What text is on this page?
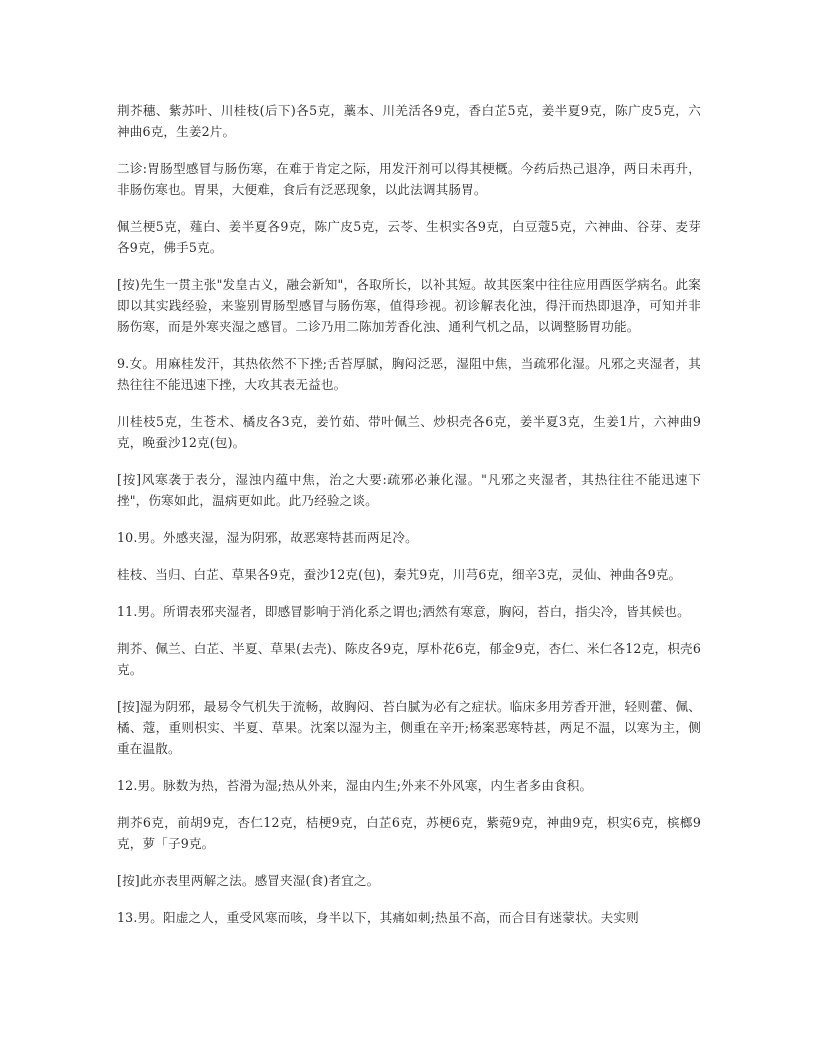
荆芥穗、紫苏叶、川桂枝(后下)各5克，藁本、川羌活各9克，香白芷5克，姜半夏9克，陈广皮5克，六神曲6克，生姜2片。

二诊:胃肠型感冒与肠伤寒，在难于肯定之际，用发汗剂可以得其梗概。今药后热己退净，两日未再升，非肠伤寒也。胃果，大便难，食后有泛恶现象，以此法调其肠胃。

佩兰梗5克，薤白、姜半夏各9克，陈广皮5克，云苓、生枳实各9克，白豆蔻5克，六神曲、谷芽、麦芽各9克，佛手5克。

[按)先生一贯主张"发皇古义，融会新知"，各取所长，以补其短。故其医案中往往应用酉医学病名。此案即以其实践经验，来鉴别胃肠型感冒与肠伤寒，值得珍视。初诊解表化浊，得汗而热即退净，可知并非肠伤寒，而是外寒夹湿之感冒。二诊乃用二陈加芳香化浊、通利气机之品，以调整肠胃功能。

9.女。用麻桂发汗，其热依然不下挫;舌苔厚腻，胸闷泛恶，湿阻中焦，当疏邪化湿。凡邪之夹湿者，其热往往不能迅速下挫，大攻其表无益也。

川桂枝5克，生苍术、橘皮各3克，姜竹茹、带叶佩兰、炒枳壳各6克，姜半夏3克，生姜1片，六神曲9克，晚蚕沙12克(包)。

[按]风寒袭于表分，湿浊内蕴中焦，治之大要:疏邪必兼化湿。"凡邪之夹湿者，其热往往不能迅速下挫"，伤寒如此，温病更如此。此乃经验之谈。

10.男。外感夹湿，湿为阴邪，故恶寒特甚而两足冷。

桂枝、当归、白芷、草果各9克，蚕沙12克(包)，秦艽9克，川芎6克，细辛3克，灵仙、神曲各9克。

11.男。所谓表邪夹湿者，即感冒影响于消化系之谓也;洒然有寒意，胸闷，苔白，指尖冷，皆其候也。

荆芥、佩兰、白芷、半夏、草果(去壳)、陈皮各9克，厚朴花6克，郁金9克，杏仁、米仁各12克，枳壳6克。

[按]湿为阴邪，最易令气机失于流畅，故胸闷、苔白腻为必有之症状。临床多用芳香开泄，轻则藿、佩、橘、蔻，重则枳实、半夏、草果。沈案以湿为主，侧重在辛开;杨案恶寒特甚，两足不温，以寒为主，侧重在温散。

12.男。脉数为热，苔滑为湿;热从外来，湿由内生;外来不外风寒，内生者多由食积。

荆芥6克，前胡9克，杏仁12克，桔梗9克，白芷6克，苏梗6克，紫菀9克，神曲9克，枳实6克，槟榔9克，萝「子9克。

[按]此亦表里两解之法。感冒夹湿(食)者宜之。

13.男。阳虚之人，重受风寒而咳，身半以下，其痛如刺;热虽不高，而合目有迷蒙状。夫实则
